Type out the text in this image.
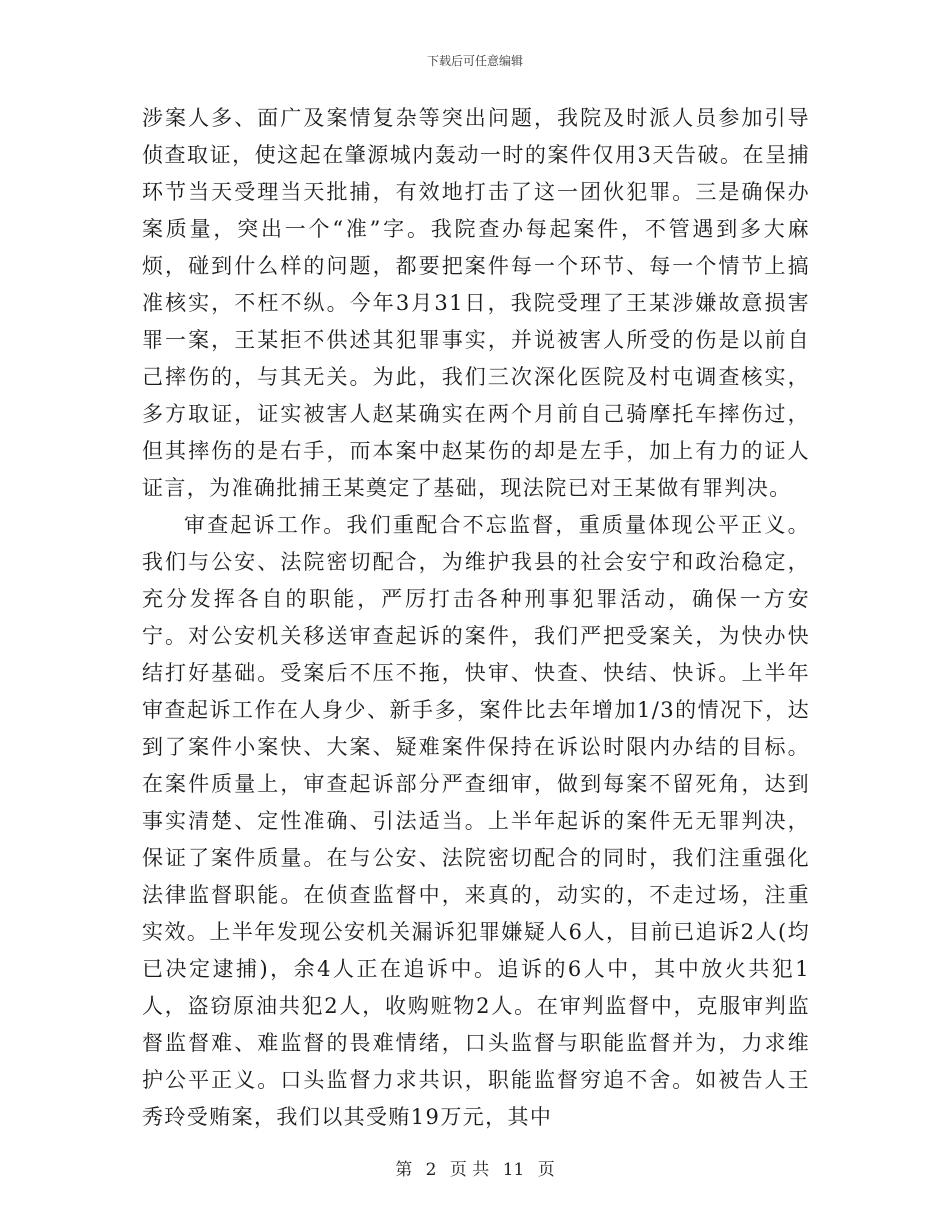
下载后可任意编辑

涉案人多、面广及案情复杂等突出问题，我院及时派人员参加引导侦查取证，使这起在肇源城内轰动一时的案件仅用3天告破。在呈捕环节当天受理当天批捕，有效地打击了这一团伙犯罪。三是确保办案质量，突出一个“准”字。我院查办每起案件，不管遇到多大麻烦，碰到什么样的问题，都要把案件每一个环节、每一个情节上搞准核实，不枉不纵。今年3月31日，我院受理了王某涉嫌故意损害罪一案，王某拒不供述其犯罪事实，并说被害人所受的伤是以前自己摔伤的，与其无关。为此，我们三次深化医院及村屯调查核实，多方取证，证实被害人赵某确实在两个月前自己骑摩托车摔伤过，但其摔伤的是右手，而本案中赵某伤的却是左手，加上有力的证人证言，为准确批捕王某奠定了基础，现法院已对王某做有罪判决。

审查起诉工作。我们重配合不忘监督，重质量体现公平正义。我们与公安、法院密切配合，为维护我县的社会安宁和政治稳定，充分发挥各自的职能，严厉打击各种刑事犯罪活动，确保一方安宁。对公安机关移送审查起诉的案件，我们严把受案关，为快办快结打好基础。受案后不压不拖，快审、快查、快结、快诉。上半年审查起诉工作在人身少、新手多，案件比去年增加1/3的情况下，达到了案件小案快、大案、疑难案件保持在诉讼时限内办结的目标。在案件质量上，审查起诉部分严查细审，做到每案不留死角，达到事实清楚、定性准确、引法适当。上半年起诉的案件无无罪判决，保证了案件质量。在与公安、法院密切配合的同时，我们注重强化法律监督职能。在侦查监督中，来真的，动实的，不走过场，注重实效。上半年发现公安机关漏诉犯罪嫌疑人6人，目前已追诉2人(均已决定逮捕)，余4人正在追诉中。追诉的6人中，其中放火共犯1人，盗窃原油共犯2人，收购赃物2人。在审判监督中，克服审判监督监督难、难监督的畏难情绪，口头监督与职能监督并为，力求维护公平正义。口头监督力求共识，职能监督穷追不舍。如被告人王秀玲受贿案，我们以其受贿19万元，其中

第 2 页 共 11 页
